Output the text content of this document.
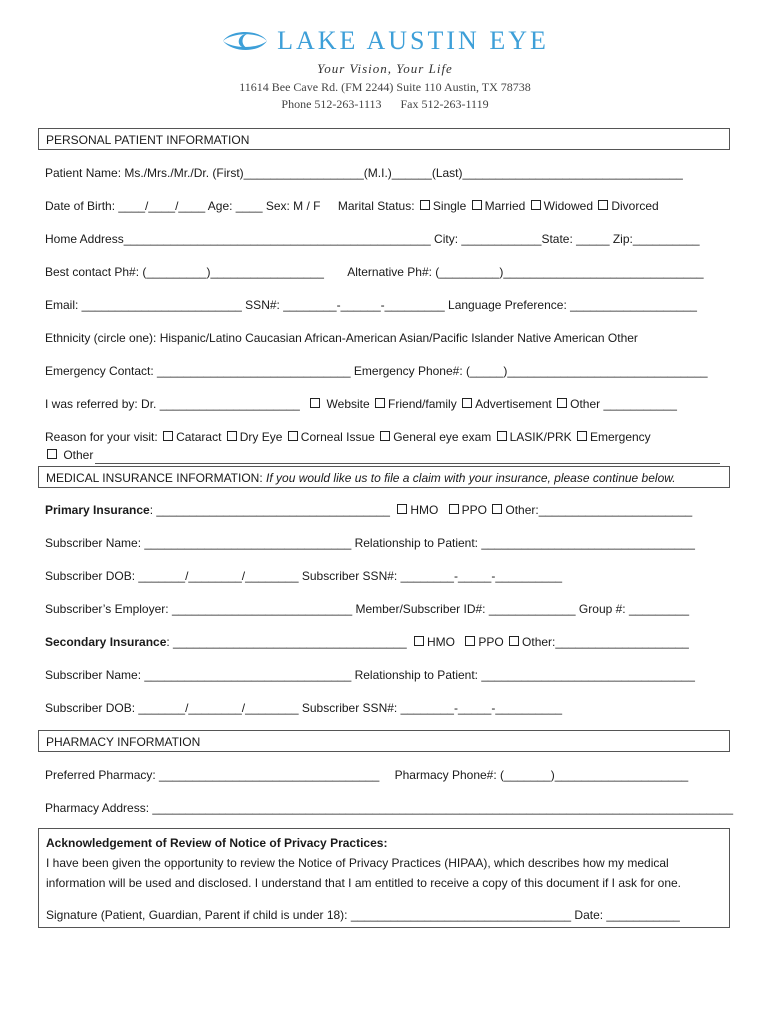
LAKE AUSTIN EYE
Your Vision, Your Life
11614 Bee Cave Rd. (FM 2244) Suite 110 Austin, TX 78738
Phone 512-263-1113 Fax 512-263-1119
PERSONAL PATIENT INFORMATION
Patient Name: Ms./Mrs./Mr./Dr. (First)__________________(M.I.)______(Last)_________________________________
Date of Birth: ____/____/____ Age: ____ Sex: M / F Marital Status: Single Married Widowed Divorced
Home Address______________________________________________ City: ____________State: _____ Zip:__________
Best contact Ph#: (_________)_________________ Alternative Ph#: (_________)______________________________
Email: ________________________ SSN#: ________-______-_________ Language Preference: ___________________
Ethnicity (circle one): Hispanic/Latino Caucasian African-American Asian/Pacific Islander Native American Other
Emergency Contact: _____________________________ Emergency Phone#: (_____)______________________________
I was referred by: Dr. _____________________ Website Friend/family Advertisement Other ___________
Reason for your visit: Cataract Dry Eye Corneal Issue General eye exam LASIK/PRK Emergency
Other
MEDICAL INSURANCE INFORMATION: If you would like us to file a claim with your insurance, please continue below.
Primary Insurance: ___________________________________ HMO PPO Other:_______________________
Subscriber Name: _______________________________ Relationship to Patient: ________________________________
Subscriber DOB: _______/________/________ Subscriber SSN#: ________-_____-__________
Subscriber’s Employer: ___________________________ Member/Subscriber ID#: _____________ Group #: _________
Secondary Insurance: ___________________________________ HMO PPO Other:____________________
Subscriber Name: _______________________________ Relationship to Patient: ________________________________
Subscriber DOB: _______/________/________ Subscriber SSN#: ________-_____-__________
PHARMACY INFORMATION
Preferred Pharmacy: _________________________________ Pharmacy Phone#: (_______)____________________
Pharmacy Address: _______________________________________________________________________________________
Acknowledgement of Review of Notice of Privacy Practices:
I have been given the opportunity to review the Notice of Privacy Practices (HIPAA), which describes how my medical
information will be used and disclosed. I understand that I am entitled to receive a copy of this document if I ask for one.
Signature (Patient, Guardian, Parent if child is under 18): _________________________________ Date: ___________
